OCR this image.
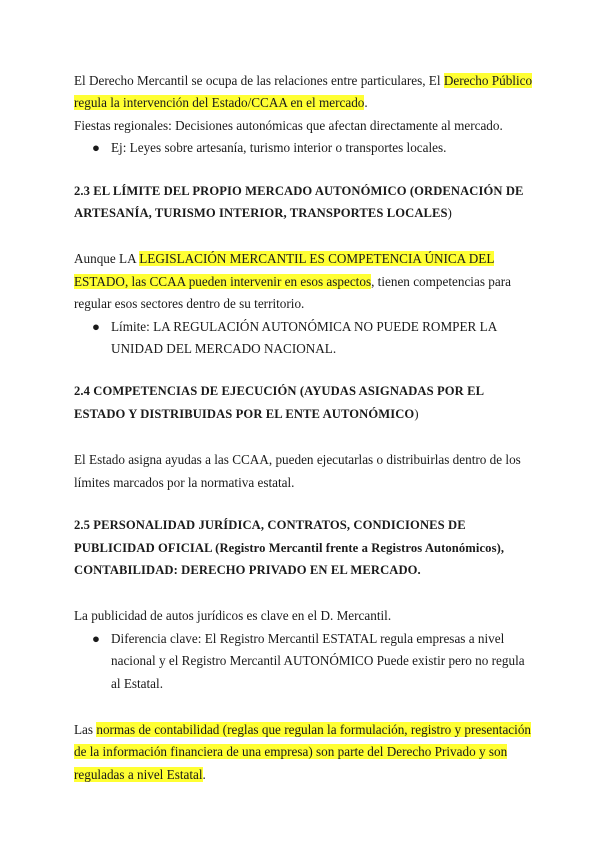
El Derecho Mercantil se ocupa de las relaciones entre particulares, El Derecho Público regula la intervención del Estado/CCAA en el mercado.

Fiestas regionales: Decisiones autonómicas que afectan directamente al mercado.

● Ej: Leyes sobre artesanía, turismo interior o transportes locales.

2.3 EL LÍMITE DEL PROPIO MERCADO AUTONÓMICO (ORDENACIÓN DE ARTESANÍA, TURISMO INTERIOR, TRANSPORTES LOCALES)

Aunque LA LEGISLACIÓN MERCANTIL ES COMPETENCIA ÚNICA DEL ESTADO, las CCAA pueden intervenir en esos aspectos, tienen competencias para regular esos sectores dentro de su territorio.

● Límite: LA REGULACIÓN AUTONÓMICA NO PUEDE ROMPER LA UNIDAD DEL MERCADO NACIONAL.

2.4 COMPETENCIAS DE EJECUCIÓN (AYUDAS ASIGNADAS POR EL ESTADO Y DISTRIBUIDAS POR EL ENTE AUTONÓMICO)

El Estado asigna ayudas a las CCAA, pueden ejecutarlas o distribuirlas dentro de los límites marcados por la normativa estatal.

2.5 PERSONALIDAD JURÍDICA, CONTRATOS, CONDICIONES DE PUBLICIDAD OFICIAL (Registro Mercantil frente a Registros Autonómicos), CONTABILIDAD: DERECHO PRIVADO EN EL MERCADO.

La publicidad de autos jurídicos es clave en el D. Mercantil.

● Diferencia clave: El Registro Mercantil ESTATAL regula empresas a nivel nacional y el Registro Mercantil AUTONÓMICO Puede existir pero no regula al Estatal.

Las normas de contabilidad (reglas que regulan la formulación, registro y presentación de la información financiera de una empresa) son parte del Derecho Privado y son reguladas a nivel Estatal.
